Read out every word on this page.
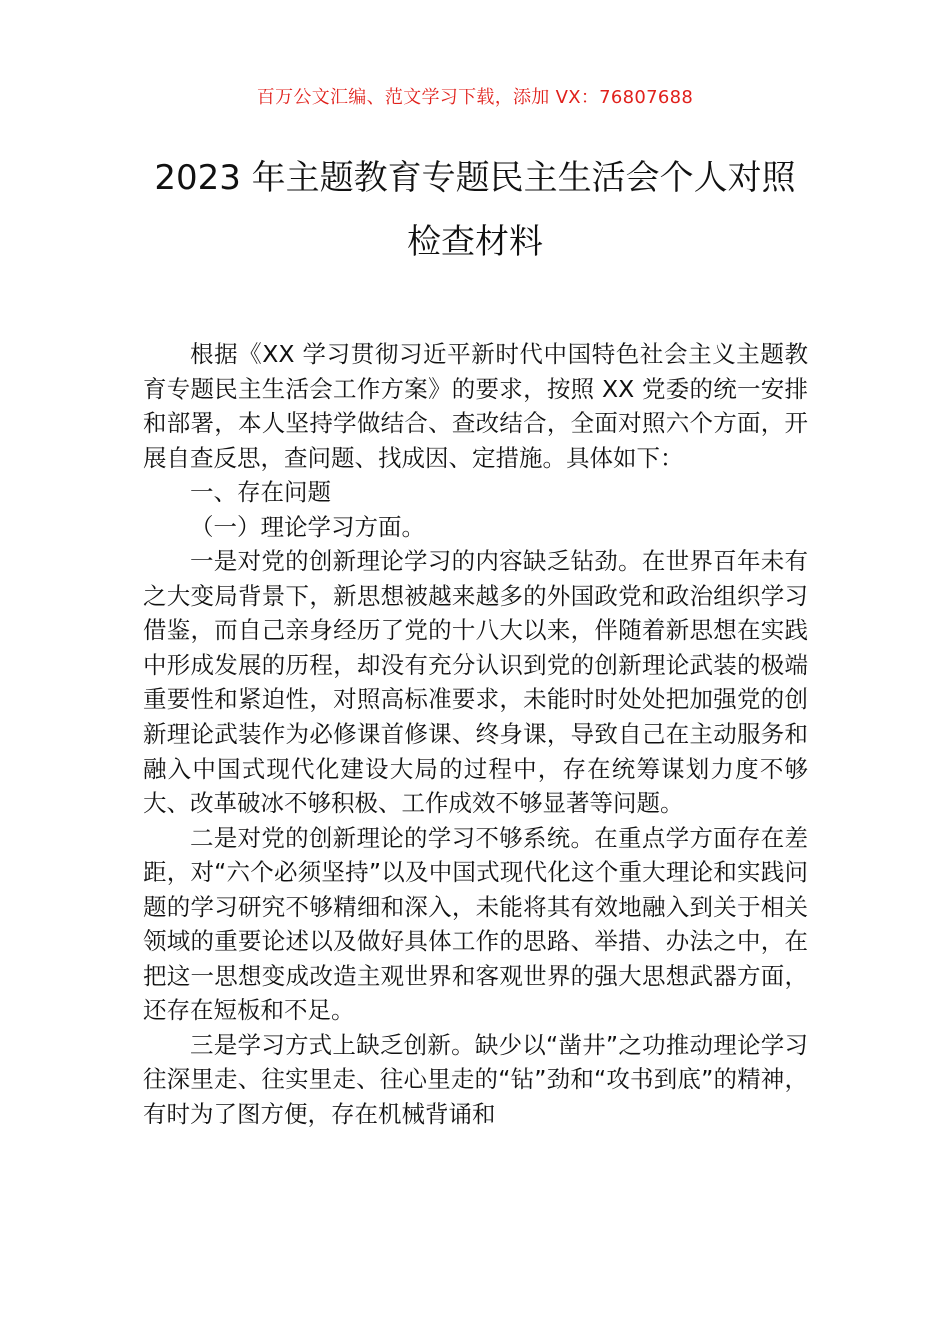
百万公文汇编、范文学习下载，添加 VX：76807688
2023 年主题教育专题民主生活会个人对照
检查材料

根据《XX 学习贯彻习近平新时代中国特色社会主义主题教育专题民主生活会工作方案》的要求，按照 XX 党委的统一安排和部署，本人坚持学做结合、查改结合，全面对照六个方面，开展自查反思，查问题、找成因、定措施。具体如下：

一、存在问题

（一）理论学习方面。

一是对党的创新理论学习的内容缺乏钻劲。在世界百年未有之大变局背景下，新思想被越来越多的外国政党和政治组织学习借鉴，而自己亲身经历了党的十八大以来，伴随着新思想在实践中形成发展的历程，却没有充分认识到党的创新理论武装的极端重要性和紧迫性，对照高标准要求，未能时时处处把加强党的创新理论武装作为必修课首修课、终身课，导致自己在主动服务和融入中国式现代化建设大局的过程中，存在统筹谋划力度不够大、改革破冰不够积极、工作成效不够显著等问题。

二是对党的创新理论的学习不够系统。在重点学方面存在差距，对“六个必须坚持”以及中国式现代化这个重大理论和实践问题的学习研究不够精细和深入，未能将其有效地融入到关于相关领域的重要论述以及做好具体工作的思路、举措、办法之中，在把这一思想变成改造主观世界和客观世界的强大思想武器方面，还存在短板和不足。

三是学习方式上缺乏创新。缺少以“凿井”之功推动理论学习往深里走、往实里走、往心里走的“钻”劲和“攻书到底”的精神，有时为了图方便，存在机械背诵和
